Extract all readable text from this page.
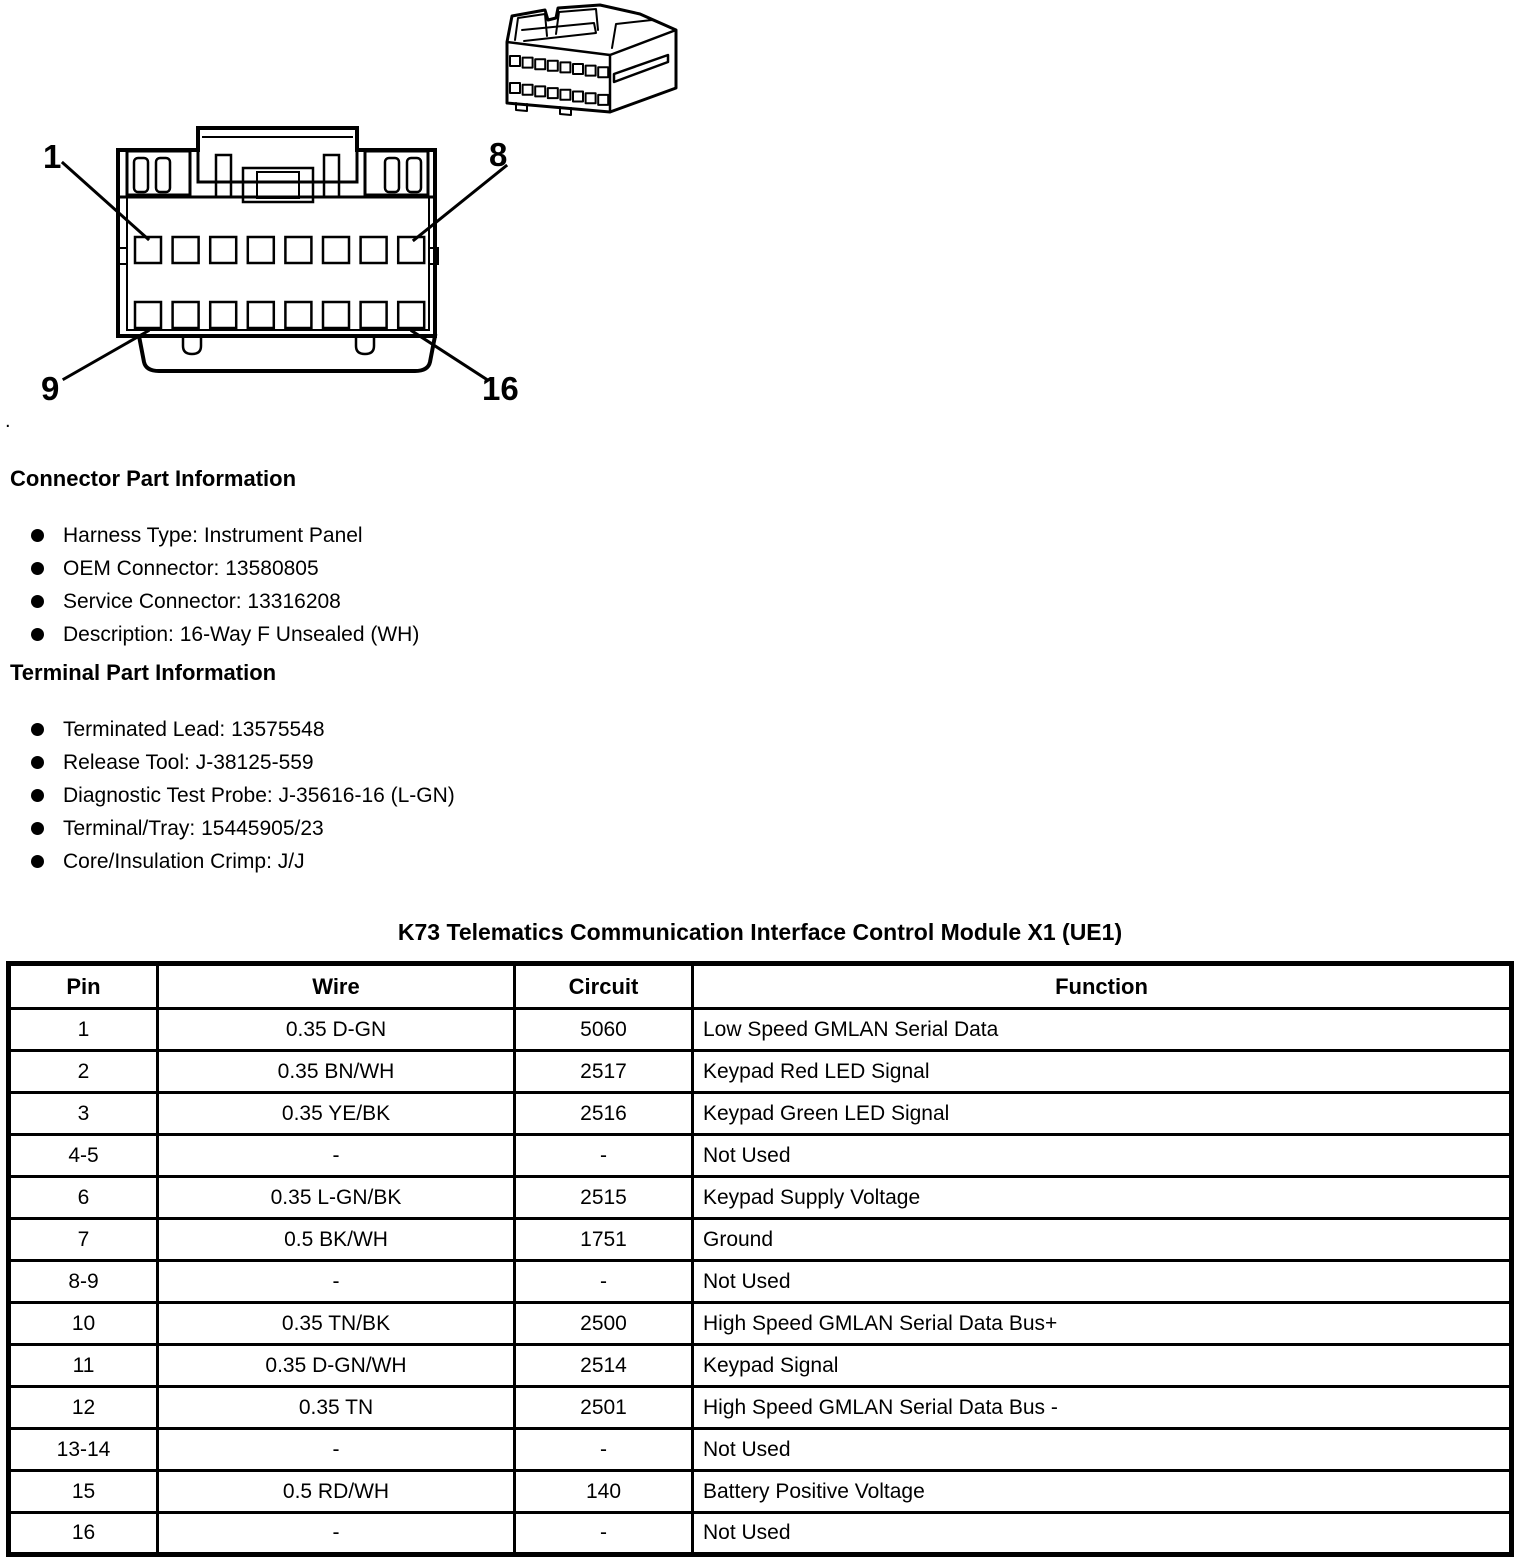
1	8
9	16
.
Connector Part Information
Harness Type: Instrument Panel
OEM Connector: 13580805
Service Connector: 13316208
Description: 16-Way F Unsealed (WH)
Terminal Part Information
Terminated Lead: 13575548
Release Tool: J-38125-559
Diagnostic Test Probe: J-35616-16 (L-GN)
Terminal/Tray: 15445905/23
Core/Insulation Crimp: J/J
K73 Telematics Communication Interface Control Module X1 (UE1)
Pin	Wire	Circuit	Function
1	0.35 D-GN	5060	Low Speed GMLAN Serial Data
2	0.35 BN/WH	2517	Keypad Red LED Signal
3	0.35 YE/BK	2516	Keypad Green LED Signal
4-5	-	-	Not Used
6	0.35 L-GN/BK	2515	Keypad Supply Voltage
7	0.5 BK/WH	1751	Ground
8-9	-	-	Not Used
10	0.35 TN/BK	2500	High Speed GMLAN Serial Data Bus+
11	0.35 D-GN/WH	2514	Keypad Signal
12	0.35 TN	2501	High Speed GMLAN Serial Data Bus -
13-14	-	-	Not Used
15	0.5 RD/WH	140	Battery Positive Voltage
16	-	-	Not Used
